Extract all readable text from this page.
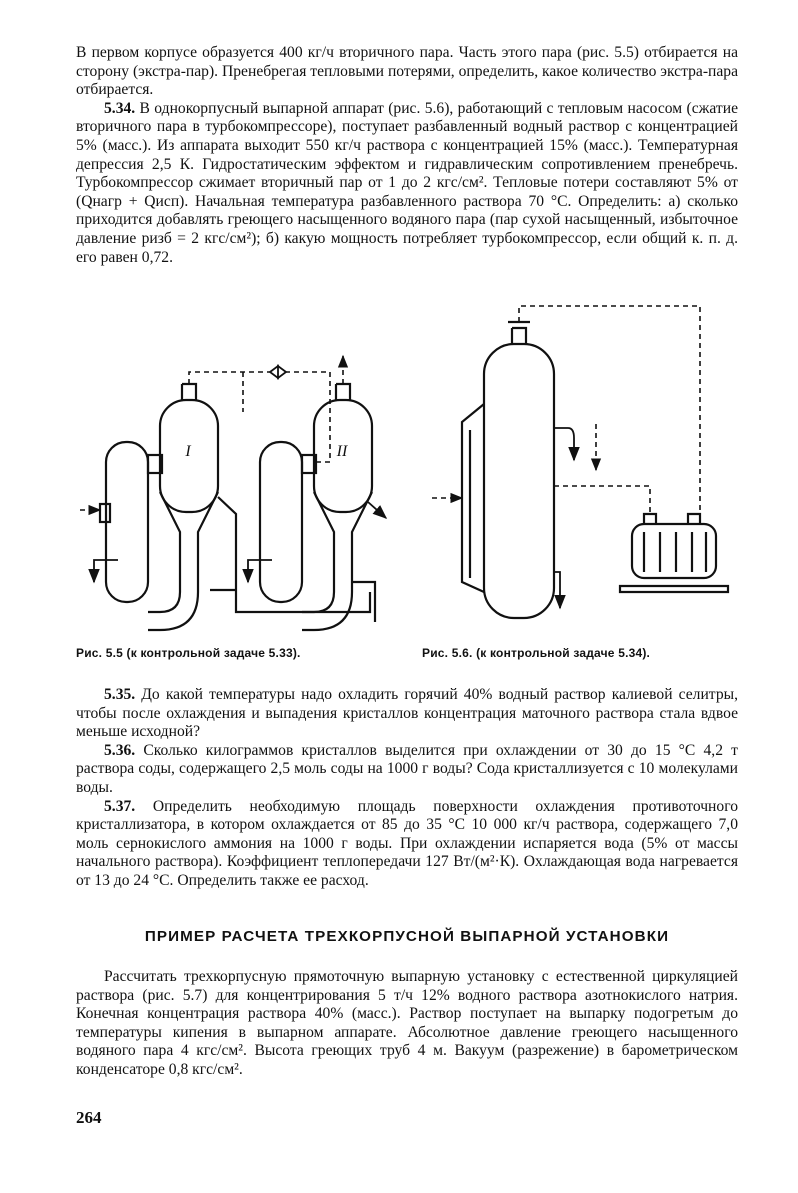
В первом корпусе образуется 400 кг/ч вторичного пара. Часть этого пара (рис. 5.5) отбирается на сторону (экстра-пар). Пренебрегая тепловыми потерями, определить, какое количество экстра-пара отбирается.

5.34. В однокорпусный выпарной аппарат (рис. 5.6), работающий с тепловым насосом (сжатие вторичного пара в турбокомпрессоре), поступает разбавленный водный раствор с концентрацией 5% (масс.). Из аппарата выходит 550 кг/ч раствора с концентрацией 15% (масс.). Температурная депрессия 2,5 К. Гидростатическим эффектом и гидравлическим сопротивлением пренебречь. Турбокомпрессор сжимает вторичный пар от 1 до 2 кгс/см². Тепловые потери составляют 5% от (Qнагр + Qисп). Начальная температура разбавленного раствора 70 °С. Определить: а) сколько приходится добавлять греющего насыщенного водяного пара (пар сухой насыщенный, избыточное давление pизб = 2 кгс/см²); б) какую мощность потребляет турбокомпрессор, если общий к. п. д. его равен 0,72.

I	II
Рис. 5.5 (к контрольной задаче 5.33).	Рис. 5.6. (к контрольной задаче 5.34).

5.35. До какой температуры надо охладить горячий 40% водный раствор калиевой селитры, чтобы после охлаждения и выпадения кристаллов концентрация маточного раствора стала вдвое меньше исходной?

5.36. Сколько килограммов кристаллов выделится при охлаждении от 30 до 15 °С 4,2 т раствора соды, содержащего 2,5 моль соды на 1000 г воды? Сода кристаллизуется с 10 молекулами воды.

5.37. Определить необходимую площадь поверхности охлаждения противоточного кристаллизатора, в котором охлаждается от 85 до 35 °С 10 000 кг/ч раствора, содержащего 7,0 моль сернокислого аммония на 1000 г воды. При охлаждении испаряется вода (5% от массы начального раствора). Коэффициент теплопередачи 127 Вт/(м²·К). Охлаждающая вода нагревается от 13 до 24 °С. Определить также ее расход.

ПРИМЕР РАСЧЕТА ТРЕХКОРПУСНОЙ ВЫПАРНОЙ УСТАНОВКИ

Рассчитать трехкорпусную прямоточную выпарную установку с естественной циркуляцией раствора (рис. 5.7) для концентрирования 5 т/ч 12% водного раствора азотнокислого натрия. Конечная концентрация раствора 40% (масс.). Раствор поступает на выпарку подогретым до температуры кипения в выпарном аппарате. Абсолютное давление греющего насыщенного водяного пара 4 кгс/см². Высота греющих труб 4 м. Вакуум (разрежение) в барометрическом конденсаторе 0,8 кгс/см².

264
